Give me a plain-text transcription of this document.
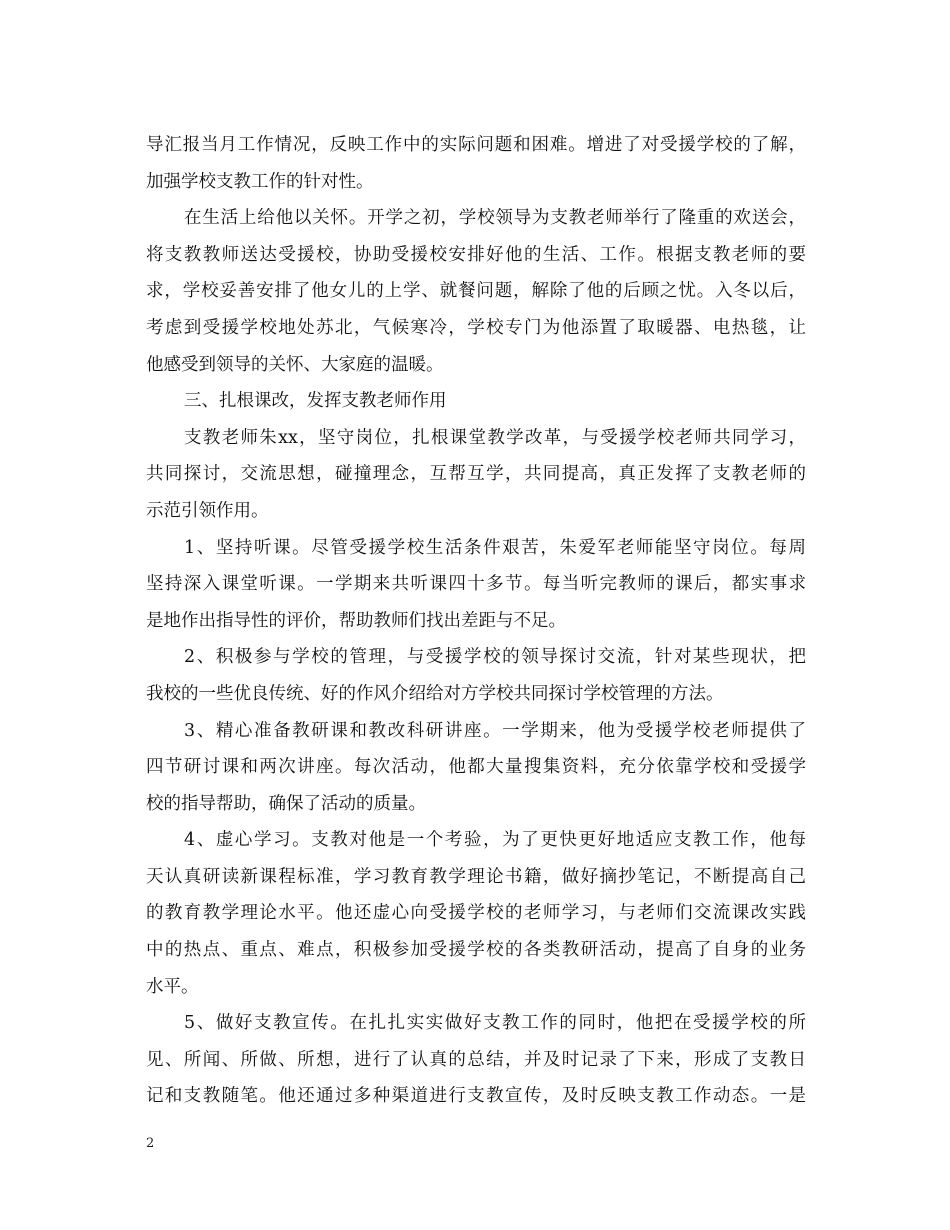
导汇报当月工作情况，反映工作中的实际问题和困难。增进了对受援学校的了解，
加强学校支教工作的针对性。
在生活上给他以关怀。开学之初，学校领导为支教老师举行了隆重的欢送会，
将支教教师送达受援校，协助受援校安排好他的生活、工作。根据支教老师的要
求，学校妥善安排了他女儿的上学、就餐问题，解除了他的后顾之忧。入冬以后，
考虑到受援学校地处苏北，气候寒冷，学校专门为他添置了取暖器、电热毯，让
他感受到领导的关怀、大家庭的温暖。
三、扎根课改，发挥支教老师作用
支教老师朱xx，坚守岗位，扎根课堂教学改革，与受援学校老师共同学习，
共同探讨，交流思想，碰撞理念，互帮互学，共同提高，真正发挥了支教老师的
示范引领作用。
1、坚持听课。尽管受援学校生活条件艰苦，朱爱军老师能坚守岗位。每周
坚持深入课堂听课。一学期来共听课四十多节。每当听完教师的课后，都实事求
是地作出指导性的评价，帮助教师们找出差距与不足。
2、积极参与学校的管理，与受援学校的领导探讨交流，针对某些现状，把
我校的一些优良传统、好的作风介绍给对方学校共同探讨学校管理的方法。
3、精心准备教研课和教改科研讲座。一学期来，他为受援学校老师提供了
四节研讨课和两次讲座。每次活动，他都大量搜集资料，充分依靠学校和受援学
校的指导帮助，确保了活动的质量。
4、虚心学习。支教对他是一个考验，为了更快更好地适应支教工作，他每
天认真研读新课程标准，学习教育教学理论书籍，做好摘抄笔记，不断提高自己
的教育教学理论水平。他还虚心向受援学校的老师学习，与老师们交流课改实践
中的热点、重点、难点，积极参加受援学校的各类教研活动，提高了自身的业务
水平。
5、做好支教宣传。在扎扎实实做好支教工作的同时，他把在受援学校的所
见、所闻、所做、所想，进行了认真的总结，并及时记录了下来，形成了支教日
记和支教随笔。他还通过多种渠道进行支教宣传，及时反映支教工作动态。一是
2
